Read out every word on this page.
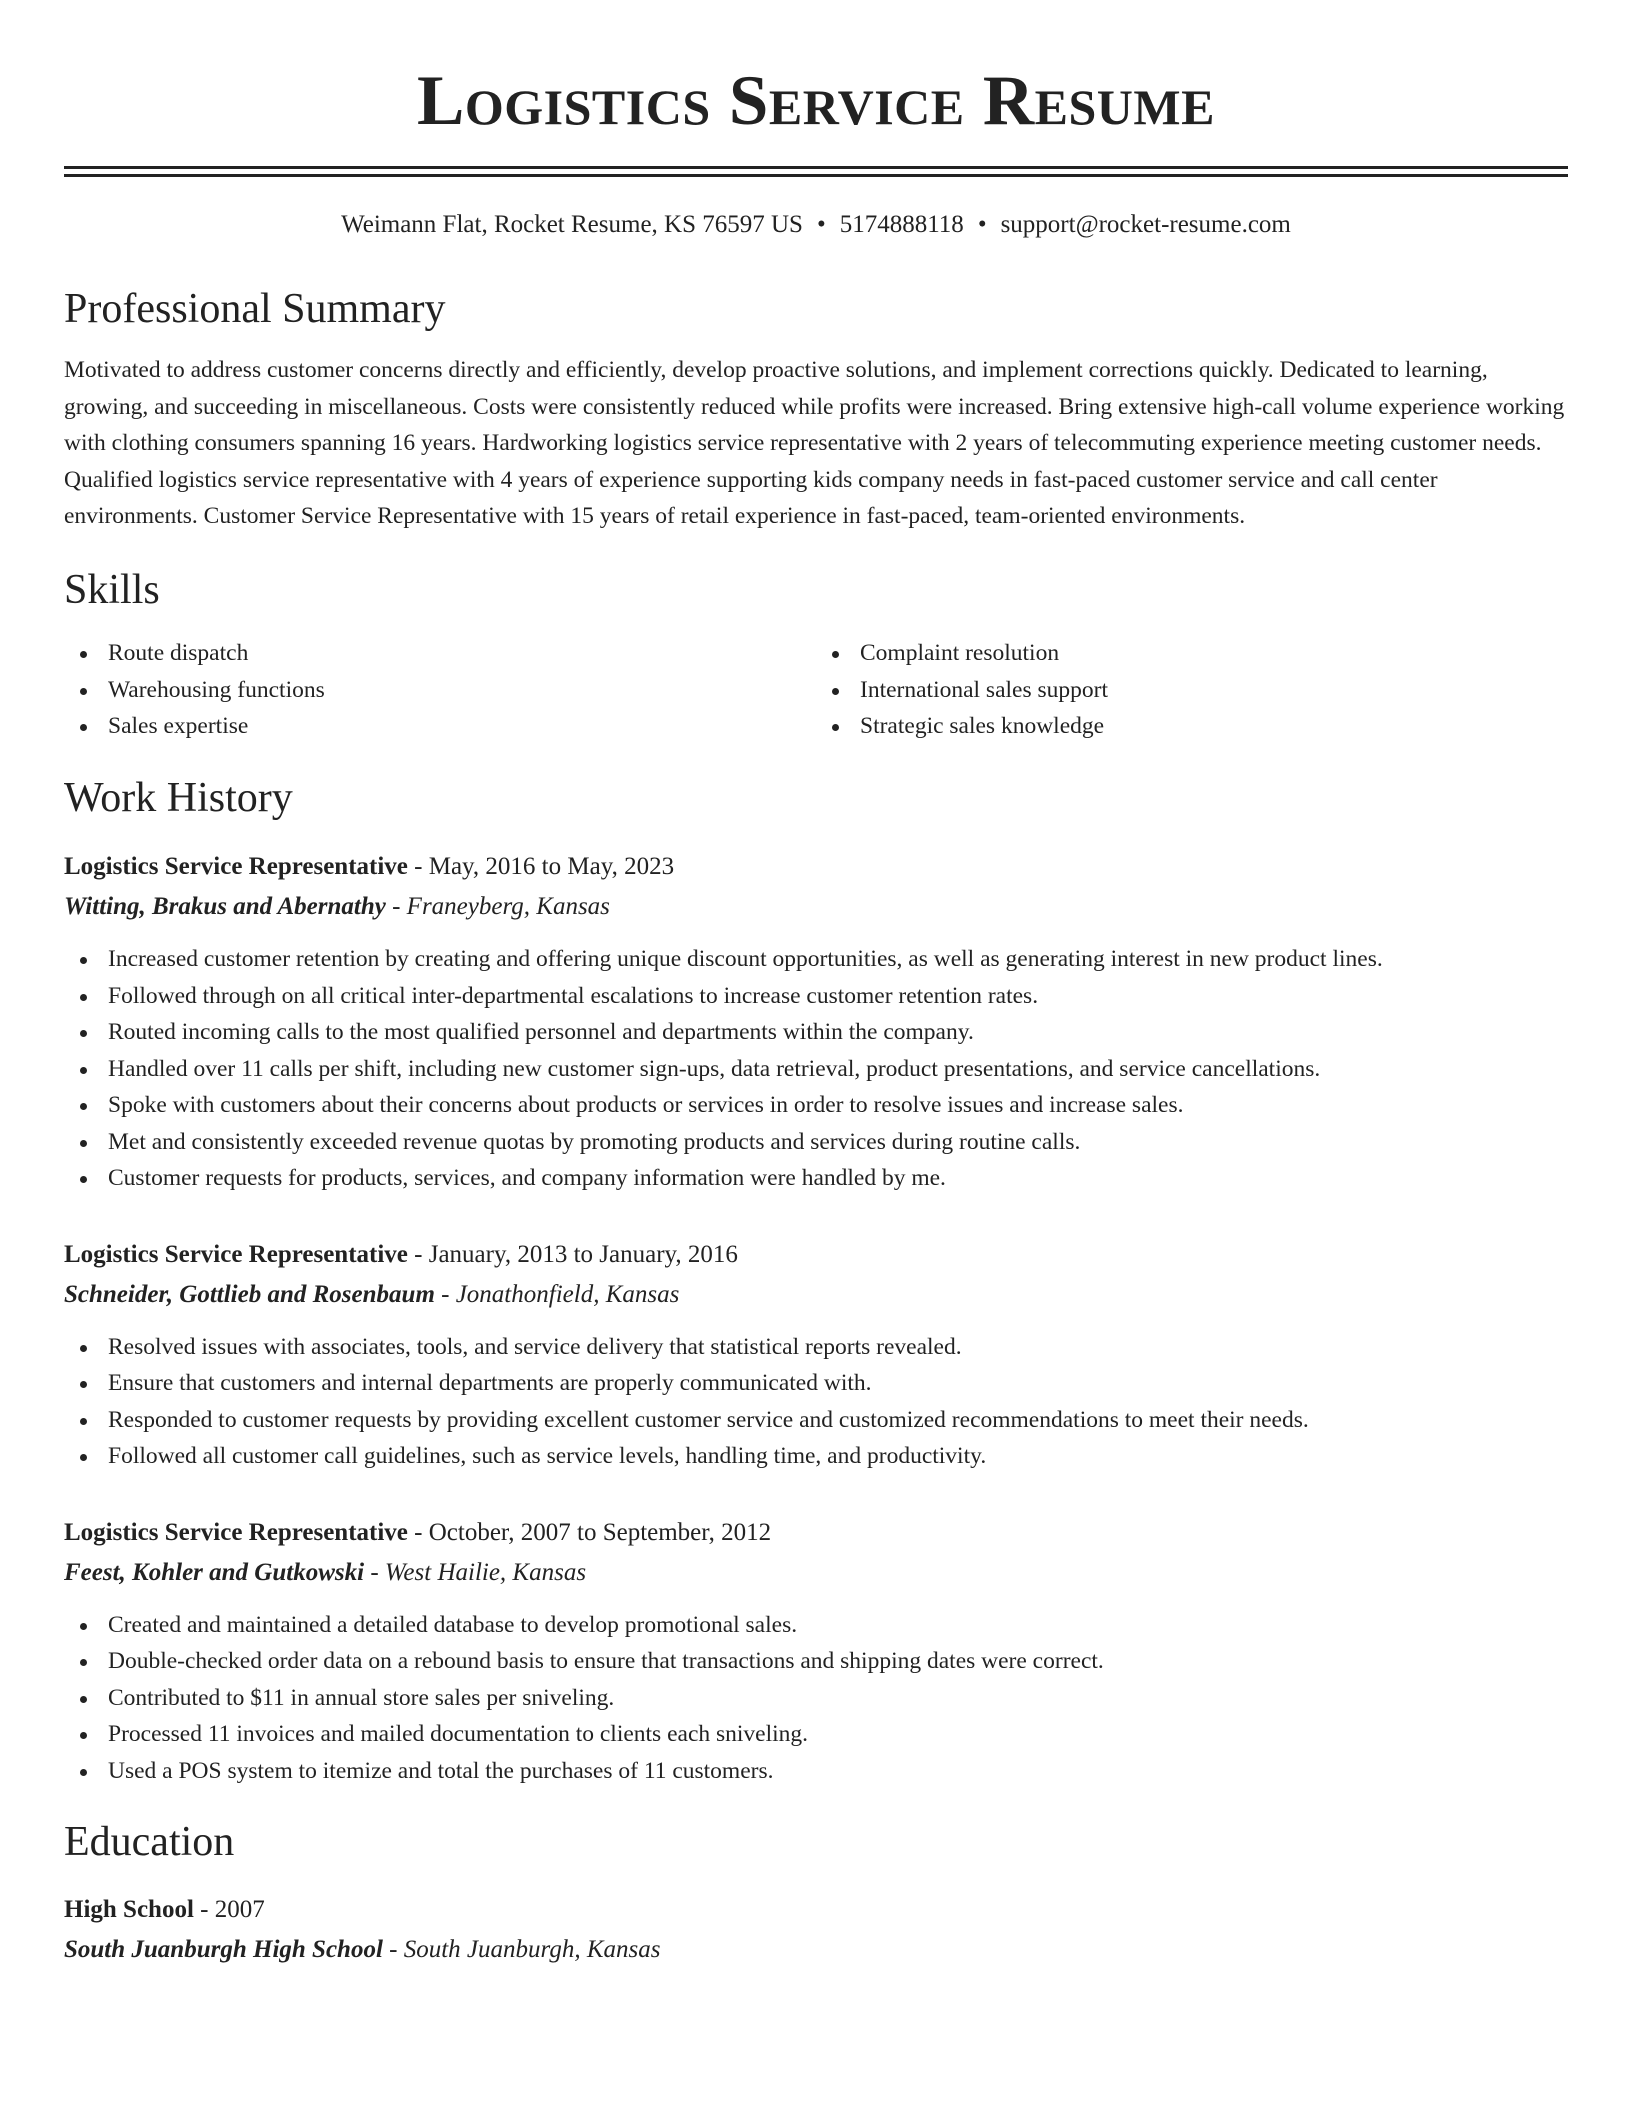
Logistics Service Resume
Weimann Flat, Rocket Resume, KS 76597 US • 5174888118 • support@rocket-resume.com
Professional Summary

Motivated to address customer concerns directly and efficiently, develop proactive solutions, and implement corrections quickly. Dedicated to learning, growing, and succeeding in miscellaneous. Costs were consistently reduced while profits were increased. Bring extensive high-call volume experience working with clothing consumers spanning 16 years. Hardworking logistics service representative with 2 years of telecommuting experience meeting customer needs. Qualified logistics service representative with 4 years of experience supporting kids company needs in fast-paced customer service and call center environments. Customer Service Representative with 15 years of retail experience in fast-paced, team-oriented environments.

Skills
Route dispatch
Warehousing functions
Sales expertise
Complaint resolution
International sales support
Strategic sales knowledge
Work History
Logistics Service Representative - May, 2016 to May, 2023
Witting, Brakus and Abernathy - Franeyberg, Kansas
Increased customer retention by creating and offering unique discount opportunities, as well as generating interest in new product lines.
Followed through on all critical inter-departmental escalations to increase customer retention rates.
Routed incoming calls to the most qualified personnel and departments within the company.
Handled over 11 calls per shift, including new customer sign-ups, data retrieval, product presentations, and service cancellations.
Spoke with customers about their concerns about products or services in order to resolve issues and increase sales.
Met and consistently exceeded revenue quotas by promoting products and services during routine calls.
Customer requests for products, services, and company information were handled by me.
Logistics Service Representative - January, 2013 to January, 2016
Schneider, Gottlieb and Rosenbaum - Jonathonfield, Kansas
Resolved issues with associates, tools, and service delivery that statistical reports revealed.
Ensure that customers and internal departments are properly communicated with.
Responded to customer requests by providing excellent customer service and customized recommendations to meet their needs.
Followed all customer call guidelines, such as service levels, handling time, and productivity.
Logistics Service Representative - October, 2007 to September, 2012
Feest, Kohler and Gutkowski - West Hailie, Kansas
Created and maintained a detailed database to develop promotional sales.
Double-checked order data on a rebound basis to ensure that transactions and shipping dates were correct.
Contributed to $11 in annual store sales per sniveling.
Processed 11 invoices and mailed documentation to clients each sniveling.
Used a POS system to itemize and total the purchases of 11 customers.
Education
High School - 2007
South Juanburgh High School - South Juanburgh, Kansas
